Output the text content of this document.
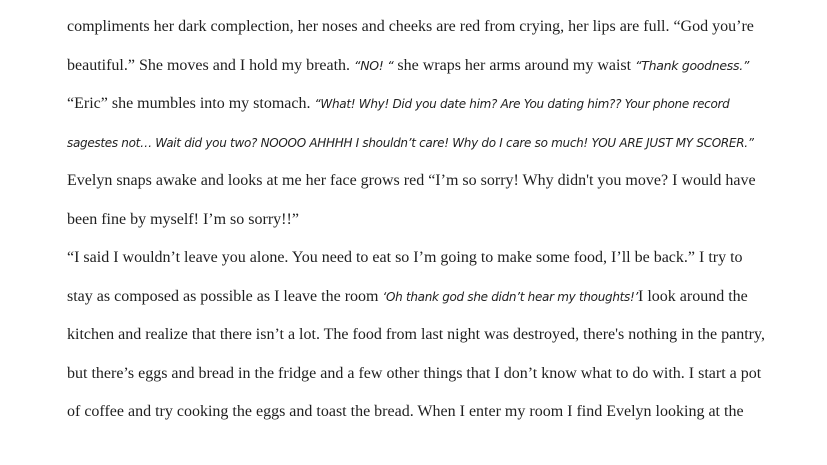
compliments her dark complection, her noses and cheeks are red from crying, her lips are full. “God you’re
beautiful.” She moves and I hold my breath. “NO! “ she wraps her arms around my waist “Thank goodness.”
“Eric” she mumbles into my stomach. “What! Why! Did you date him? Are You dating him?? Your phone record
sagestes not… Wait did you two? NOOOO AHHHH I shouldn’t care! Why do I care so much! YOU ARE JUST MY SCORER.”
Evelyn snaps awake and looks at me her face grows red “I’m so sorry! Why didn't you move? I would have
been fine by myself! I’m so sorry!!”
“I said I wouldn’t leave you alone. You need to eat so I’m going to make some food, I’ll be back.” I try to
stay as composed as possible as I leave the room ‘Oh thank god she didn’t hear my thoughts!’I look around the
kitchen and realize that there isn’t a lot. The food from last night was destroyed, there's nothing in the pantry,
but there’s eggs and bread in the fridge and a few other things that I don’t know what to do with. I start a pot
of coffee and try cooking the eggs and toast the bread. When I enter my room I find Evelyn looking at the
